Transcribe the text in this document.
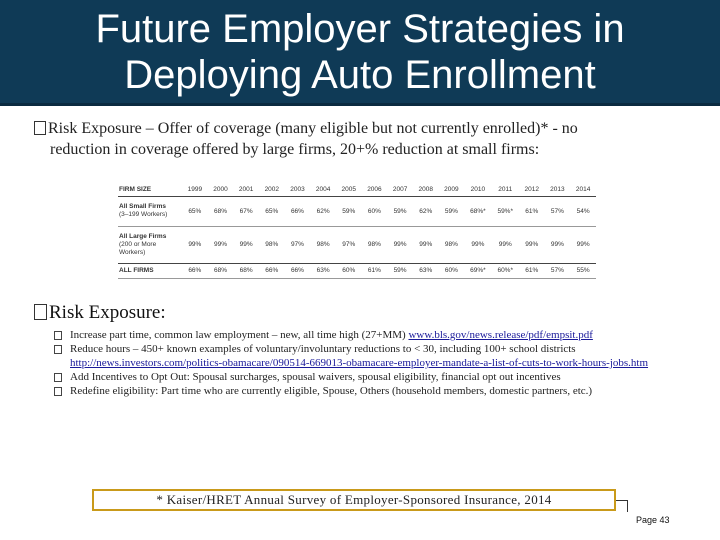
Future Employer Strategies in
Deploying Auto Enrollment
Risk Exposure – Offer of coverage (many eligible but not currently enrolled)* - no
reduction in coverage offered by large firms, 20+% reduction at small firms:
FIRM SIZE	1999	2000	2001	2002	2003	2004	2005	2006	2007	2008	2009	2010	2011	2012	2013	2014

All Small Firms
(3–199 Workers)	65%	68%	67%	65%	66%	62%	59%	60%	59%	62%	59%	68%*	59%*	61%	57%	54%

All Large Firms
(200 or More
Workers)	99%	99%	99%	98%	97%	98%	97%	98%	99%	99%	98%	99%	99%	99%	99%	99%

ALL FIRMS	66%	68%	68%	66%	66%	63%	60%	61%	59%	63%	60%	69%*	60%*	61%	57%	55%
Risk Exposure:
Increase part time, common law employment – new, all time high (27+MM) www.bls.gov/news.release/pdf/empsit.pdf
Reduce hours – 450+ known examples of voluntary/involuntary reductions to < 30, including 100+ school districts http://news.investors.com/politics-obamacare/090514-669013-obamacare-employer-mandate-a-list-of-cuts-to-work-hours-jobs.htm
Add Incentives to Opt Out: Spousal surcharges, spousal waivers, spousal eligibility, financial opt out incentives
Redefine eligibility: Part time who are currently eligible, Spouse, Others (household members, domestic partners, etc.)
* Kaiser/HRET Annual Survey of Employer-Sponsored Insurance, 2014
Page 43
